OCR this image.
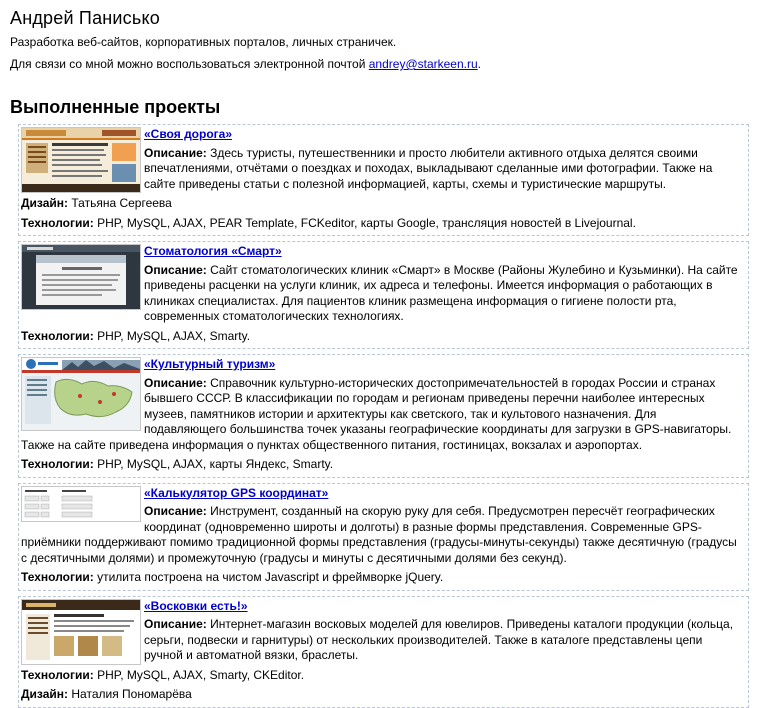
Андрей Панисько

Разработка веб-сайтов, корпоративных порталов, личных страничек.

Для связи со мной можно воспользоваться электронной почтой andrey@starkeen.ru.

Выполненные проекты
«Своя дорога»

Описание: Здесь туристы, путешественники и просто любители активного отдыха делятся своими впечатлениями, отчётами о поездках и походах, выкладывают сделанные ими фотографии. Также на сайте приведены статьи с полезной информацией, карты, схемы и туристические маршруты.

Дизайн: Татьяна Сергеева

Технологии: PHP, MySQL, AJAX, PEAR Template, FCKeditor, карты Google, трансляция новостей в Livejournal.

Стоматология «Смарт»

Описание: Сайт стоматологических клиник «Смарт» в Москве (Районы Жулебино и Кузьминки). На сайте приведены расценки на услуги клиник, их адреса и телефоны. Имеется информация о работающих в клиниках специалистах. Для пациентов клиник размещена информация о гигиене полости рта, современных стоматологических технологиях.

Технологии: PHP, MySQL, AJAX, Smarty.

«Культурный туризм»

Описание: Справочник культурно-исторических достопримечательностей в городах России и странах бывшего СССР. В классификации по городам и регионам приведены перечни наиболее интересных музеев, памятников истории и архитектуры как светского, так и культового назначения. Для подавляющего большинства точек указаны географические координаты для загрузки в GPS-навигаторы. Также на сайте приведена информация о пунктах общественного питания, гостиницах, вокзалах и аэропортах.

Технологии: PHP, MySQL, AJAX, карты Яндекс, Smarty.

«Калькулятор GPS координат»

Описание: Инструмент, созданный на скорую руку для себя. Предусмотрен пересчёт географических координат (одновременно широты и долготы) в разные формы представления. Современные GPS-приёмники поддерживают помимо традиционной формы представления (градусы-минуты-секунды) также десятичную (градусы с десятичными долями) и промежуточную (градусы и минуты с десятичными долями без секунд).

Технологии: утилита построена на чистом Javascript и фреймворке jQuery.

«Восковки есть!»

Описание: Интернет-магазин восковых моделей для ювелиров. Приведены каталоги продукции (кольца, серьги, подвески и гарнитуры) от нескольких производителей. Также в каталоге представлены цепи ручной и автоматной вязки, браслеты.

Технологии: PHP, MySQL, AJAX, Smarty, CKEditor.

Дизайн: Наталия Пономарёва
